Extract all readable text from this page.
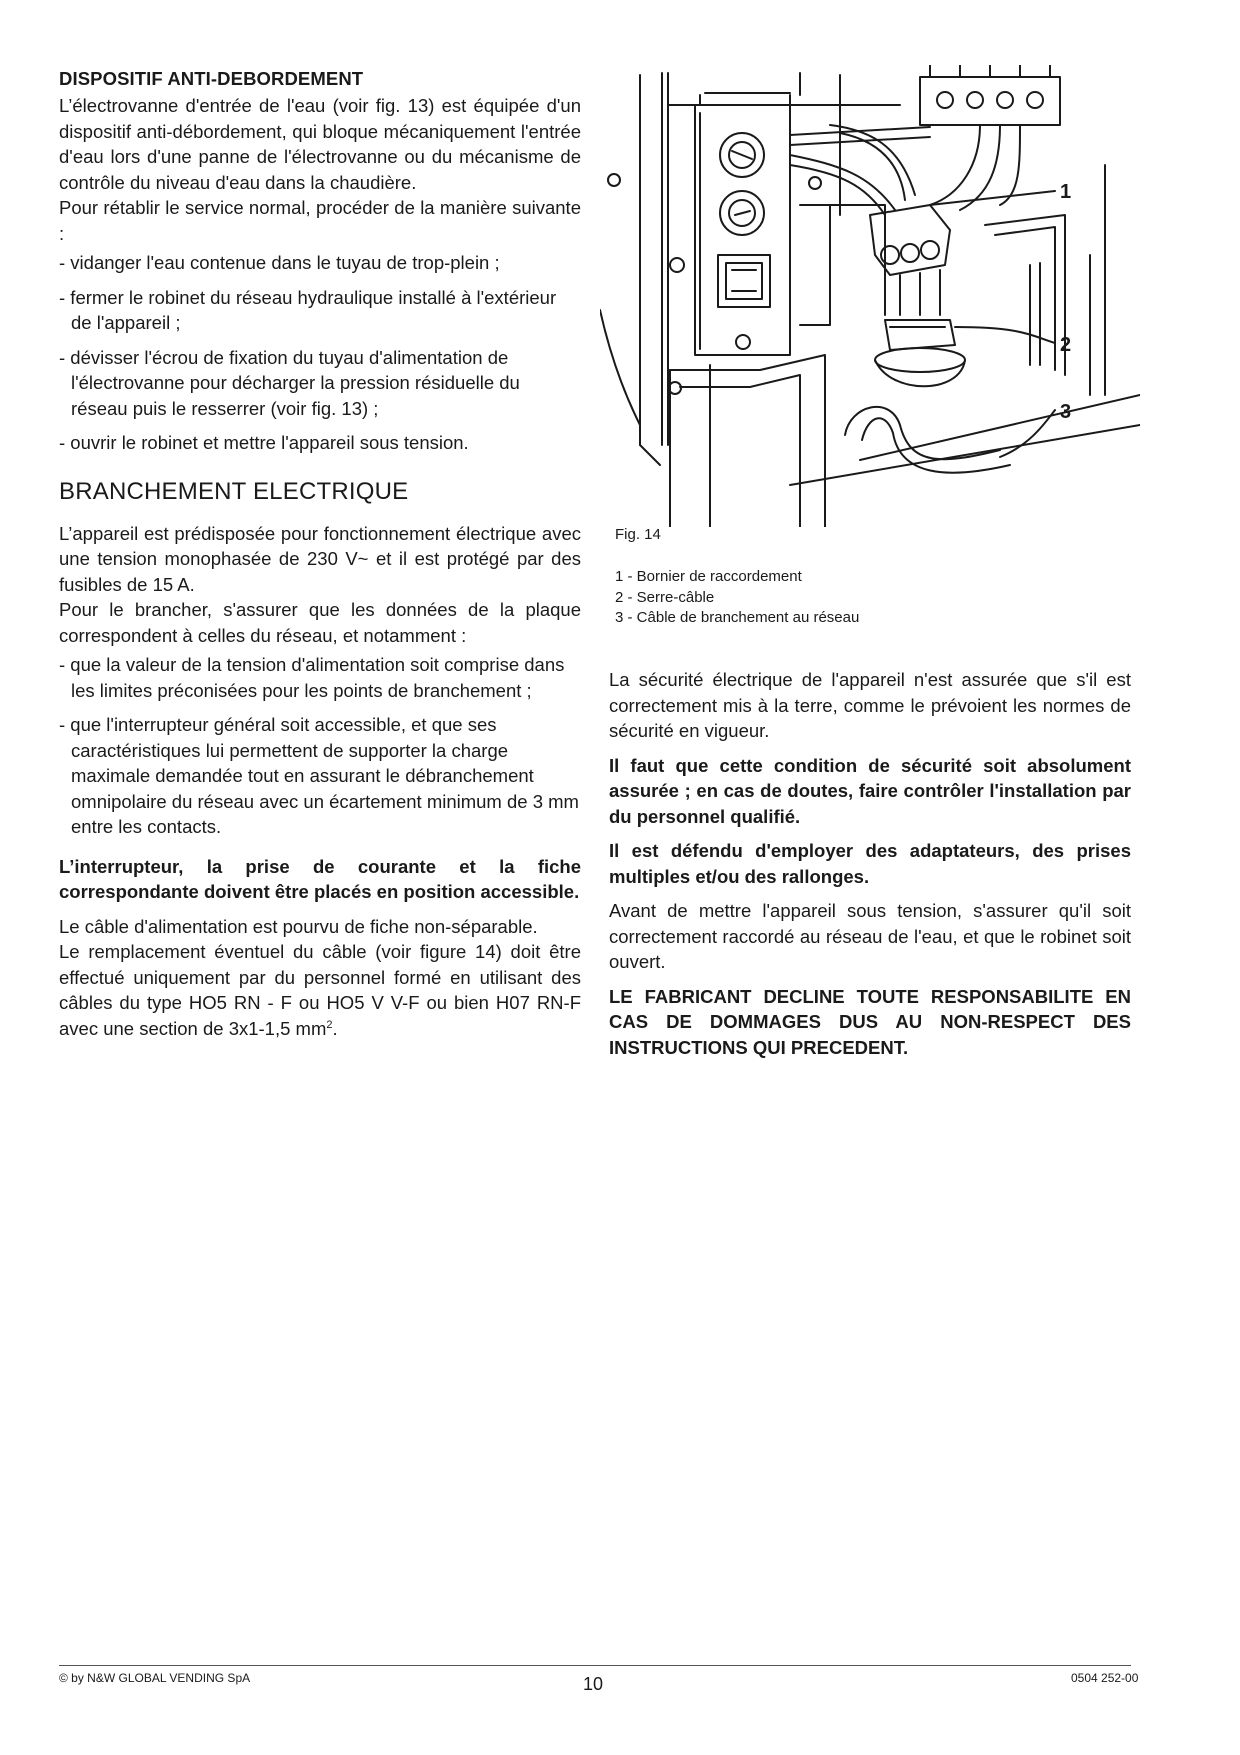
DISPOSITIF ANTI-DEBORDEMENT

L’électrovanne d'entrée de l'eau (voir fig. 13) est équipée d'un dispositif anti-débordement, qui bloque mécaniquement l'entrée d'eau lors d'une panne de l'électrovanne ou du mécanisme de contrôle du niveau d'eau dans la chaudière.

Pour rétablir le service normal, procéder de la manière suivante :

- vidanger l'eau contenue dans le tuyau de trop-plein ;
- fermer le robinet du réseau hydraulique installé à l'extérieur de l'appareil ;
- dévisser l'écrou de fixation du tuyau d'alimentation de l'électrovanne pour décharger la pression résiduelle du réseau puis le resserrer (voir fig. 13) ;
- ouvrir le robinet et mettre l'appareil sous tension.
BRANCHEMENT ELECTRIQUE

L’appareil est prédisposée pour fonctionnement électrique avec une tension monophasée de 230 V~ et il est protégé par des fusibles de 15 A.

Pour le brancher, s'assurer que les données de la plaque correspondent à celles du réseau, et notamment :

- que la valeur de la tension d'alimentation soit comprise dans les limites préconisées pour les points de branchement ;
- que l'interrupteur général soit accessible, et que ses caractéristiques lui permettent de supporter la charge maximale demandée tout en assurant le débranchement omnipolaire du réseau avec un écartement minimum de 3 mm entre les contacts.

L’interrupteur, la prise de courante et la fiche correspondante doivent être placés en position accessible.

Le câble d'alimentation est pourvu de fiche non-séparable.

Le remplacement éventuel du câble (voir figure 14) doit être effectué uniquement par du personnel formé en utilisant des câbles du type HO5 RN - F ou HO5 V V-F ou bien H07 RN-F avec une section de 3x1-1,5 $mm^2$.

1
2
3
Fig. 14
1 - Bornier de raccordement
2 - Serre-câble
3 - Câble de branchement au réseau

La sécurité électrique de l'appareil n'est assurée que s'il est correctement mis à la terre, comme le prévoient les normes de sécurité en vigueur.

Il faut que cette condition de sécurité soit absolument assurée ; en cas de doutes, faire contrôler l'installation par du personnel qualifié.

Il est défendu d'employer des adaptateurs, des prises multiples et/ou des rallonges.

Avant de mettre l'appareil sous tension, s'assurer qu'il soit correctement raccordé au réseau de l'eau, et que le robinet soit ouvert.

LE FABRICANT DECLINE TOUTE RESPONSABILITE EN CAS DE DOMMAGES DUS AU NON-RESPECT DES INSTRUCTIONS QUI PRECEDENT.

© by N&W GLOBAL VENDING SpA	10	0504 252-00
